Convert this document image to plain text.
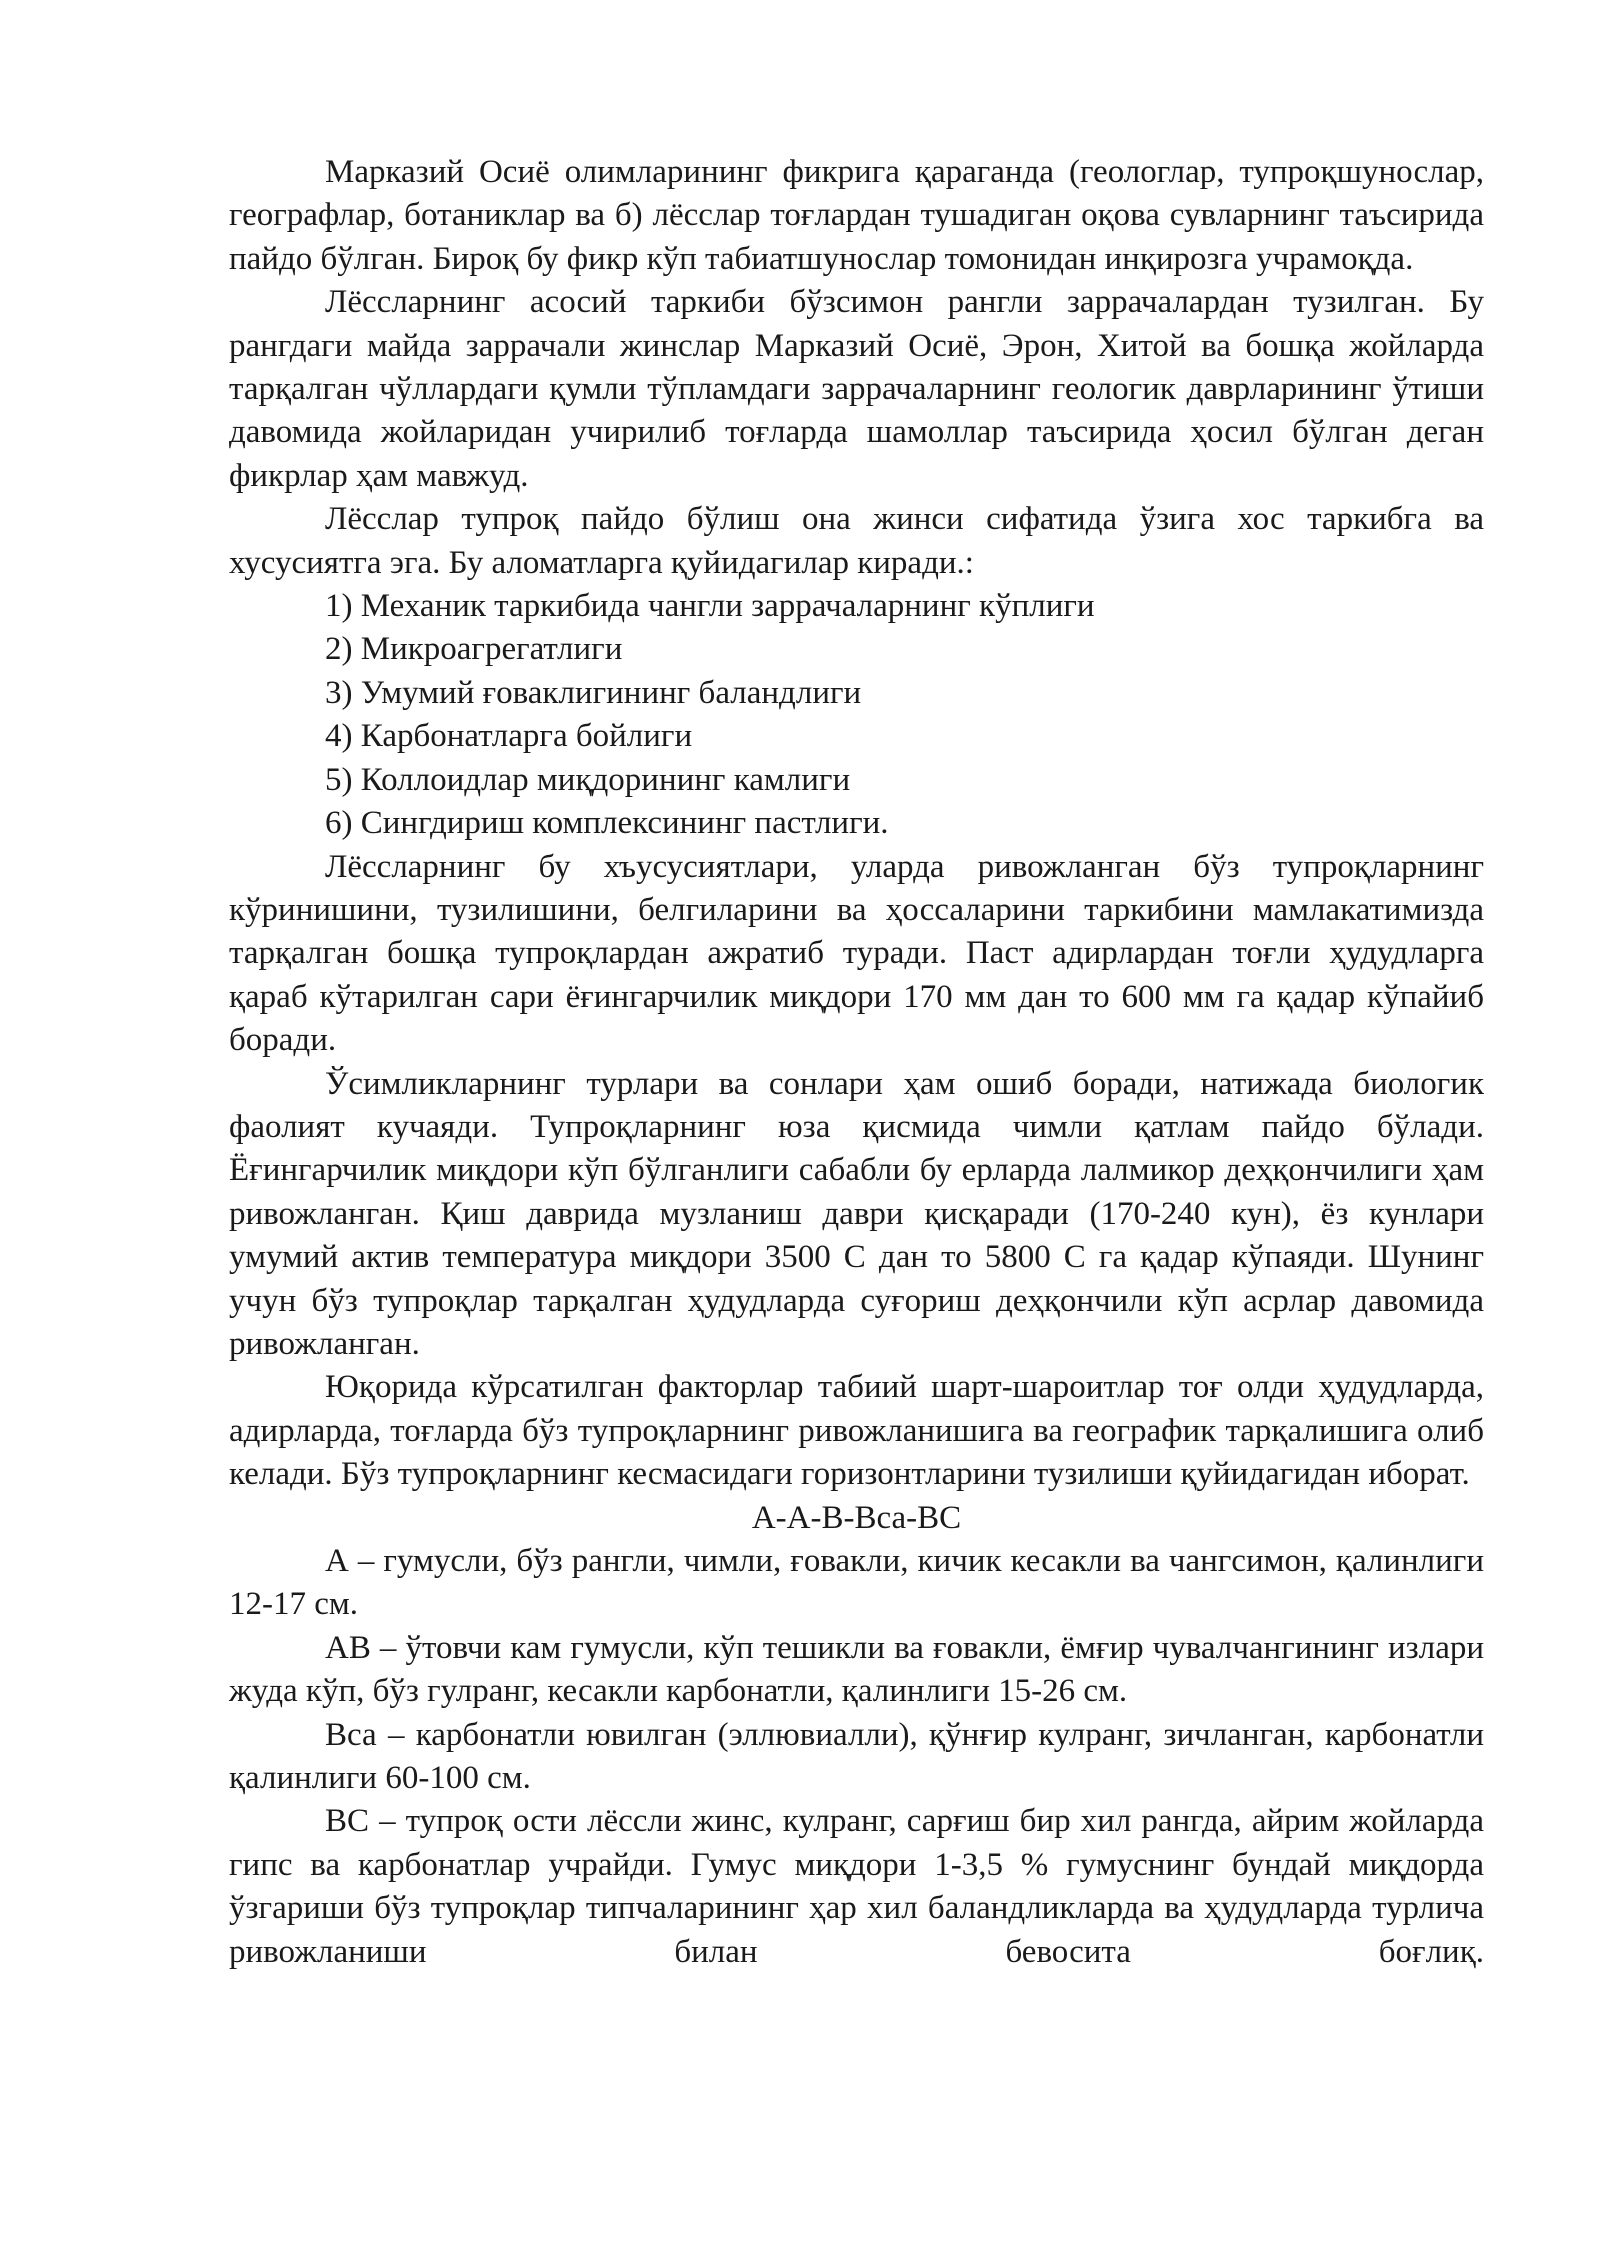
Марказий Осиё олимларининг фикрига қараганда (геологлар, тупроқшунослар, географлар, ботаниклар ва б) лёсслар тоғлардан тушадиган оқова сувларнинг таъсирида пайдо бўлган. Бироқ бу фикр кўп табиатшунослар томонидан инқирозга учрамоқда.

Лёссларнинг асосий таркиби бўзсимон рангли заррачалардан тузилган. Бу рангдаги майда заррачали жинслар Марказий Осиё, Эрон, Хитой ва бошқа жойларда тарқалган чўллардаги қумли тўпламдаги заррачаларнинг геологик даврларининг ўтиши давомида жойларидан учирилиб тоғларда шамоллар таъсирида ҳосил бўлган деган фикрлар ҳам мавжуд.

Лёсслар тупроқ пайдо бўлиш она жинси сифатида ўзига хос таркибга ва хусусиятга эга. Бу аломатларга қуйидагилар киради.:

1) Механик таркибида чангли заррачаларнинг кўплиги

2) Микроагрегатлиги

3) Умумий ғоваклигининг баландлиги

4) Карбонатларга бойлиги

5) Коллоидлар миқдорининг камлиги

6) Сингдириш комплексининг пастлиги.

Лёссларнинг бу хъусусиятлари, уларда ривожланган бўз тупроқларнинг кўринишини, тузилишини, белгиларини ва ҳоссаларини таркибини мамлакатимизда тарқалган бошқа тупроқлардан ажратиб туради. Паст адирлардан тоғли ҳудудларга қараб кўтарилган сари ёғингарчилик миқдори 170 мм дан то 600 мм га қадар кўпайиб боради.

Ўсимликларнинг турлари ва сонлари ҳам ошиб боради, натижада биологик фаолият кучаяди. Тупроқларнинг юза қисмида чимли қатлам пайдо бўлади. Ёғингарчилик миқдори кўп бўлганлиги сабабли бу ерларда лалмикор деҳқончилиги ҳам ривожланган. Қиш даврида музланиш даври қисқаради (170-240 кун), ёз кунлари умумий актив температура миқдори 3500 С дан то 5800 С га қадар кўпаяди. Шунинг учун бўз тупроқлар тарқалган ҳудудларда суғориш деҳқончили кўп асрлар давомида ривожланган.

Юқорида кўрсатилган факторлар табиий шарт-шароитлар тоғ олди ҳудудларда, адирларда, тоғларда бўз тупроқларнинг ривожланишига ва географик тарқалишига олиб келади. Бўз тупроқларнинг кесмасидаги горизонтларини тузилиши қуйидагидан иборат.

А-А-В-Вса-ВС

А – гумусли, бўз рангли, чимли, ғовакли, кичик кесакли ва чангсимон, қалинлиги 12-17 см.

АВ – ўтовчи кам гумусли, кўп тешикли ва ғовакли, ёмғир чувалчангининг излари жуда кўп, бўз гулранг, кесакли карбонатли, қалинлиги 15-26 см.

Вса – карбонатли ювилган (эллювиалли), қўнғир кулранг, зичланган, карбонатли қалинлиги 60-100 см.

ВС – тупроқ ости лёссли жинс, кулранг, сарғиш бир хил рангда, айрим жойларда гипс ва карбонатлар учрайди. Гумус миқдори 1-3,5 % гумуснинг бундай миқдорда ўзгариши бўз тупроқлар типчаларининг ҳар хил баландликларда ва ҳудудларда турлича ривожланиши билан бевосита боғлиқ.
